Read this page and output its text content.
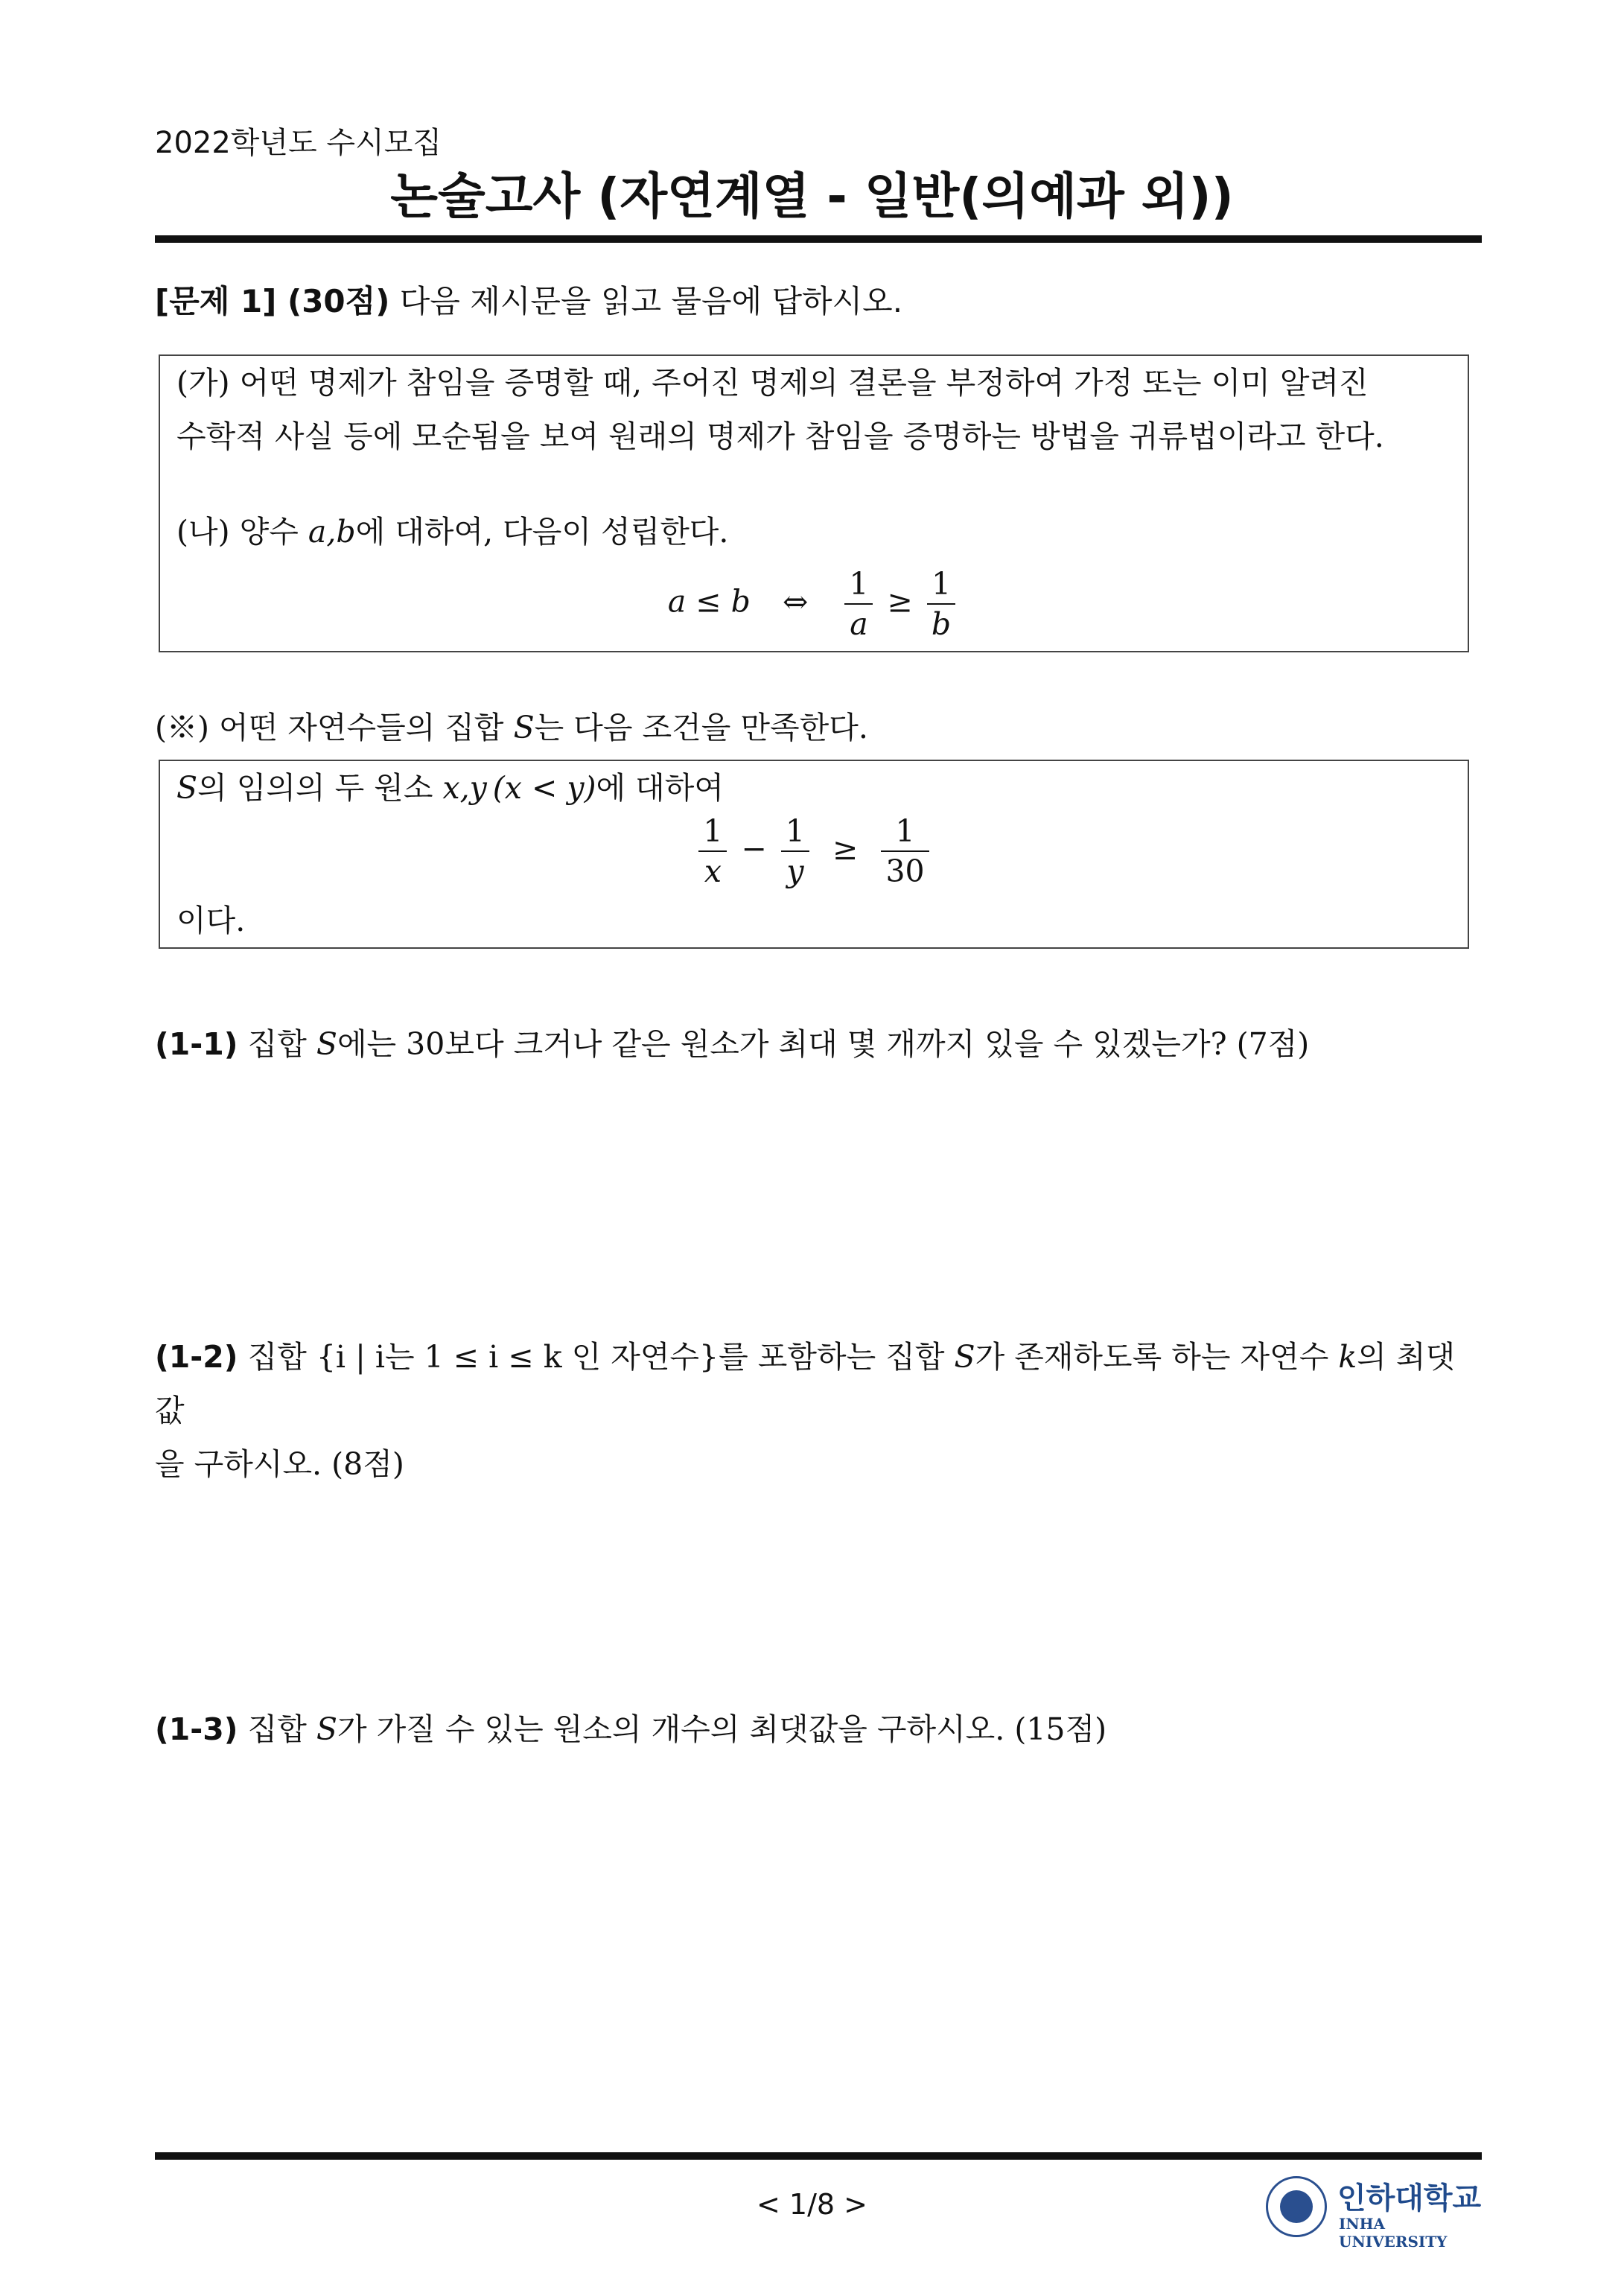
2022학년도 수시모집
논술고사 (자연계열 - 일반(의예과 외))
[문제 1] (30점) 다음 제시문을 읽고 물음에 답하시오.
(가) 어떤 명제가 참임을 증명할 때, 주어진 명제의 결론을 부정하여 가정 또는 이미 알려진
수학적 사실 등에 모순됨을 보여 원래의 명제가 참임을 증명하는 방법을 귀류법이라고 한다.
(나) 양수 a,b에 대하여, 다음이 성립한다.
a ≤ b ⇔ $\frac{1}{a} \ge \frac{1}{b}$
(※) 어떤 자연수들의 집합 S는 다음 조건을 만족한다.
S의 임의의 두 원소 x,y (x < y)에 대하여
$\frac{1}{x} - \frac{1}{y} \ge \frac{1}{30}$
이다.
(1-1) 집합 S에는 30보다 크거나 같은 원소가 최대 몇 개까지 있을 수 있겠는가? (7점)
(1-2) 집합 {i | i는 1 ≤ i ≤ k 인 자연수}를 포함하는 집합 S가 존재하도록 하는 자연수 k의 최댓값
을 구하시오. (8점)
(1-3) 집합 S가 가질 수 있는 원소의 개수의 최댓값을 구하시오. (15점)
< 1/8 >	인하대학교
INHA UNIVERSITY
